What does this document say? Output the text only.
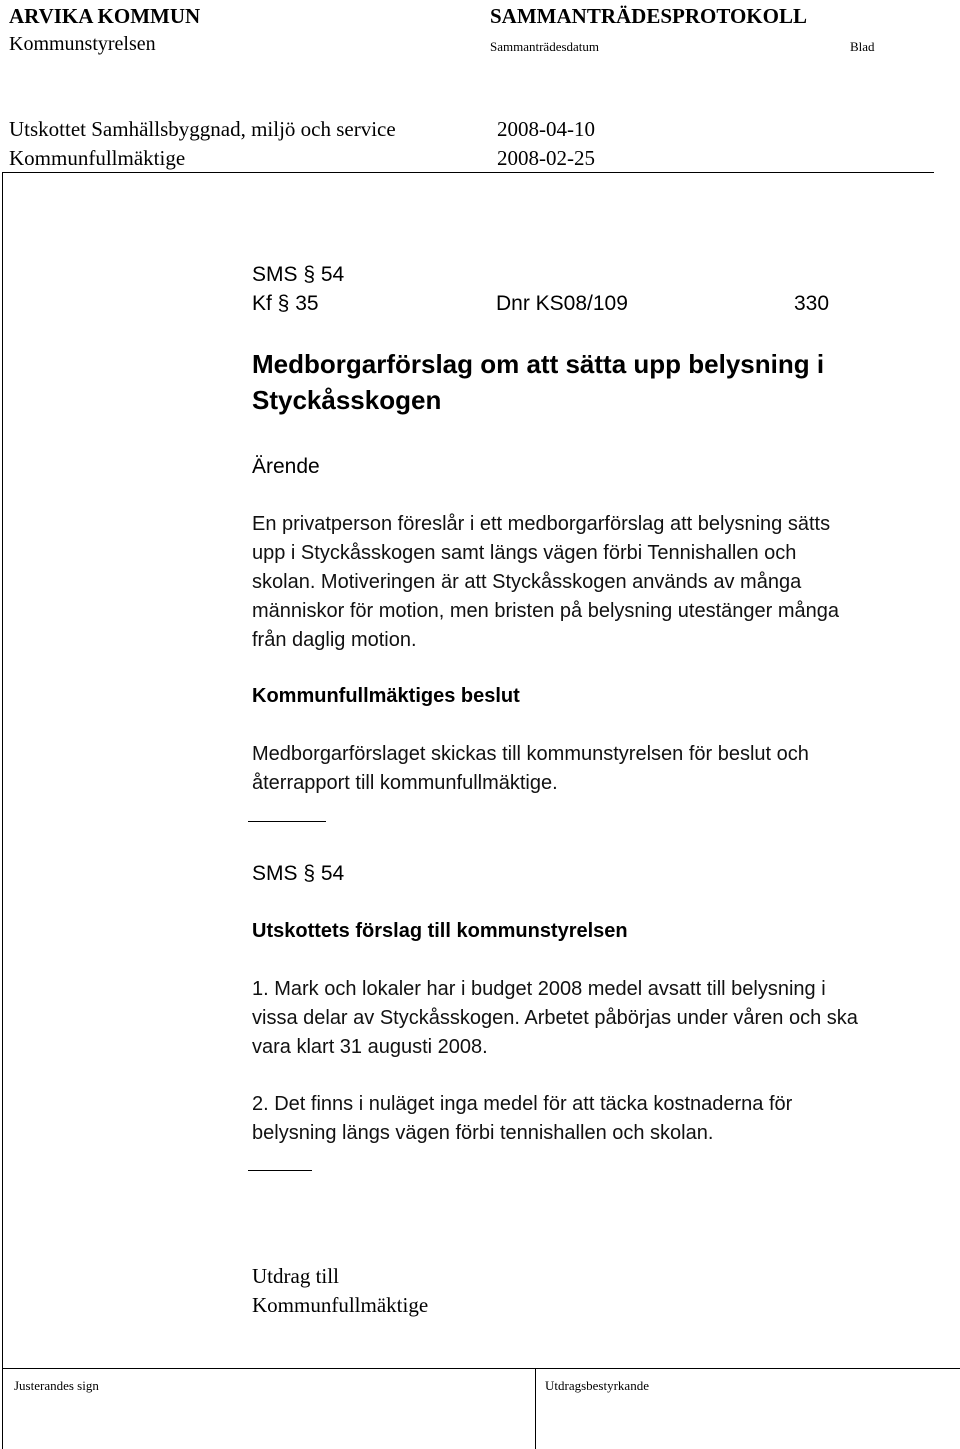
ARVIKA KOMMUN	SAMMANTRÄDESPROTOKOLL
Kommunstyrelsen	Sammanträdesdatum	Blad
Utskottet Samhällsbyggnad, miljö och service	2008-04-10
Kommunfullmäktige	2008-02-25
SMS § 54
Kf § 35	Dnr KS08/109	330
Medborgarförslag om att sätta upp belysning i
Styckåsskogen
Ärende
En privatperson föreslår i ett medborgarförslag att belysning sätts
upp i Styckåsskogen samt längs vägen förbi Tennishallen och
skolan. Motiveringen är att Styckåsskogen används av många
människor för motion, men bristen på belysning utestänger många
från daglig motion.
Kommunfullmäktiges beslut
Medborgarförslaget skickas till kommunstyrelsen för beslut och
återrapport till kommunfullmäktige.
SMS § 54
Utskottets förslag till kommunstyrelsen
1. Mark och lokaler har i budget 2008 medel avsatt till belysning i
vissa delar av Styckåsskogen. Arbetet påbörjas under våren och ska
vara klart 31 augusti 2008.
2. Det finns i nuläget inga medel för att täcka kostnaderna för
belysning längs vägen förbi tennishallen och skolan.
Utdrag till
Kommunfullmäktige
Justerandes sign	Utdragsbestyrkande
